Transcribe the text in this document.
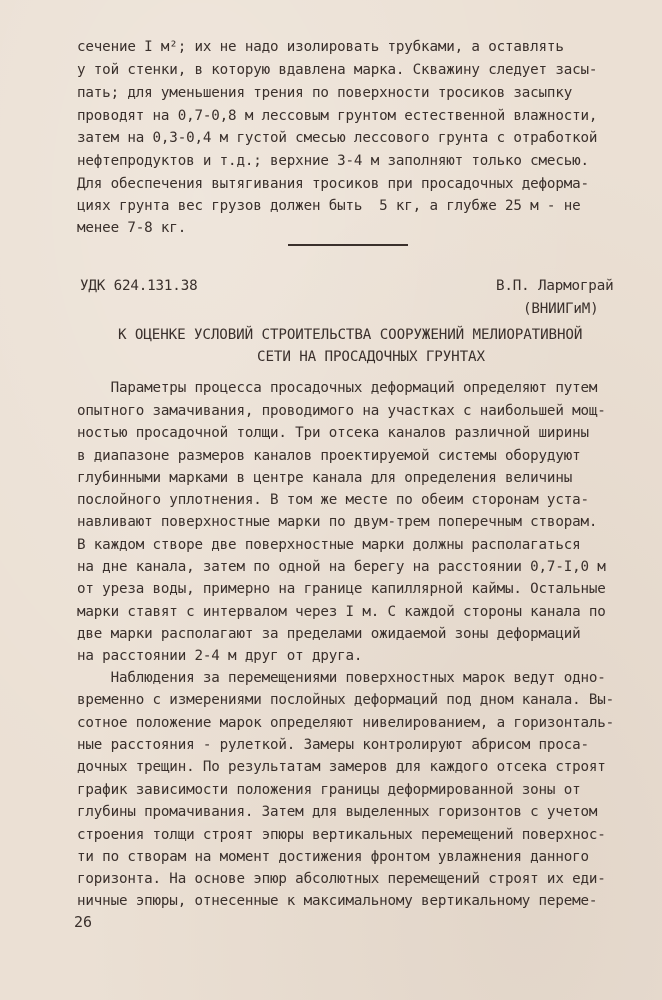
сечение I м²; их не надо изолировать трубками, а оставлять
у той стенки, в которую вдавлена марка. Скважину следует засы-
пать; для уменьшения трения по поверхности тросиков засыпку
проводят на 0,7-0,8 м лессовым грунтом естественной влажности,
затем на 0,3-0,4 м густой смесью лессового грунта с отработкой
нефтепродуктов и т.д.; верхние 3-4 м заполняют только смесью.
Для обеспечения вытягивания тросиков при просадочных деформа-
циях грунта вес грузов должен быть  5 кг, а глубже 25 м - не
менее 7-8 кг.
УДК 624.131.38	В.П. Лармограй
(ВНИИГиМ)
К ОЦЕНКЕ УСЛОВИЙ СТРОИТЕЛЬСТВА СООРУЖЕНИЙ МЕЛИОРАТИВНОЙ
СЕТИ НА ПРОСАДОЧНЫХ ГРУНТАХ
Параметры процесса просадочных деформаций определяют путем
опытного замачивания, проводимого на участках с наибольшей мощ-
ностью просадочной толщи. Три отсека каналов различной ширины
в диапазоне размеров каналов проектируемой системы оборудуют
глубинными марками в центре канала для определения величины
послойного уплотнения. В том же месте по обеим сторонам уста-
навливают поверхностные марки по двум-трем поперечным створам.
В каждом створе две поверхностные марки должны располагаться
на дне канала, затем по одной на берегу на расстоянии 0,7-I,0 м
от уреза воды, примерно на границе капиллярной каймы. Остальные
марки ставят с интервалом через I м. С каждой стороны канала по
две марки располагают за пределами ожидаемой зоны деформаций
на расстоянии 2-4 м друг от друга.
Наблюдения за перемещениями поверхностных марок ведут одно-
временно с измерениями послойных деформаций под дном канала. Вы-
сотное положение марок определяют нивелированием, а горизонталь-
ные расстояния - рулеткой. Замеры контролируют абрисом проса-
дочных трещин. По результатам замеров для каждого отсека строят
график зависимости положения границы деформированной зоны от
глубины промачивания. Затем для выделенных горизонтов с учетом
строения толщи строят эпюры вертикальных перемещений поверхнос-
ти по створам на момент достижения фронтом увлажнения данного
горизонта. На основе эпюр абсолютных перемещений строят их еди-
ничные эпюры, отнесенные к максимальному вертикальному переме-
26
